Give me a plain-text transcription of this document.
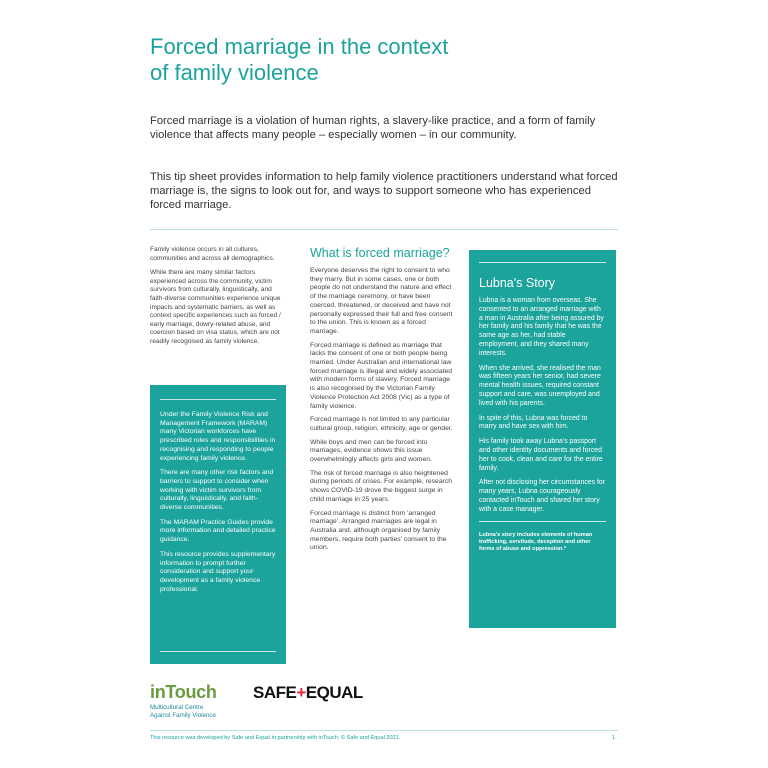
Forced marriage in the context
of family violence

Forced marriage is a violation of human rights, a slavery-like practice, and a form of family violence that affects many people – especially women – in our community.

This tip sheet provides information to help family violence practitioners understand what forced marriage is, the signs to look out for, and ways to support someone who has experienced forced marriage.

Family violence occurs in all cultures, communities and across all demographics.

While there are many similar factors experienced across the community, victim survivors from culturally, linguistically, and faith-diverse communities experience unique impacts and systematic barriers, as well as context specific experiences such as forced / early marriage, dowry-related abuse, and coercion based on visa status, which are not readily recognised as family violence.

Under the Family Violence Risk and Management Framework (MARAM) many Victorian workforces have prescribed roles and responsibilities in recognising and responding to people experiencing family violence.

There are many other risk factors and barriers to support to consider when working with victim survivors from culturally, linguistically, and faith-diverse communities.

The MARAM Practice Guides provide more information and detailed practice guidance.

This resource provides supplementary information to prompt further consideration and support your development as a family violence professional.

What is forced marriage?

Everyone deserves the right to consent to who they marry. But in some cases, one or both people do not understand the nature and effect of the marriage ceremony, or have been coerced, threatened, or deceived and have not personally expressed their full and free consent to the union. This is known as a forced marriage.

Forced marriage is defined as marriage that lacks the consent of one or both people being married. Under Australian and international law forced marriage is illegal and widely associated with modern forms of slavery. Forced marriage is also recognised by the Victorian Family Violence Protection Act 2008 (Vic) as a type of family violence.

Forced marriage is not limited to any particular cultural group, religion, ethnicity, age or gender.

While boys and men can be forced into marriages, evidence shows this issue overwhelmingly affects girls and women.

The risk of forced marriage is also heightened during periods of crises. For example, research shows COVID-19 drove the biggest surge in child marriage in 25 years.

Forced marriage is distinct from 'arranged marriage'. Arranged marriages are legal in Australia and, although organised by family members, require both parties' consent to the union.

Lubna's Story

Lubna is a woman from overseas. She consented to an arranged marriage with a man in Australia after being assured by her family and his family that he was the same age as her, had stable employment, and they shared many interests.

When she arrived, she realised the man was fifteen years her senior, had severe mental health issues, required constant support and care, was unemployed and lived with his parents.

In spite of this, Lubna was forced to marry and have sex with him.

His family took away Lubna's passport and other identity documents and forced her to cook, clean and care for the entire family.

After not disclosing her circumstances for many years, Lubna courageously contacted inTouch and shared her story with a case manager.

Lubna's story includes elements of human trafficking, servitude, deception and other forms of abuse and oppression.*

inTouch
Multicultural Centre
Against Family Violence
SAFE+EQUAL
This resource was developed by Safe and Equal in partnership with inTouch. © Safe and Equal 2021.	1
